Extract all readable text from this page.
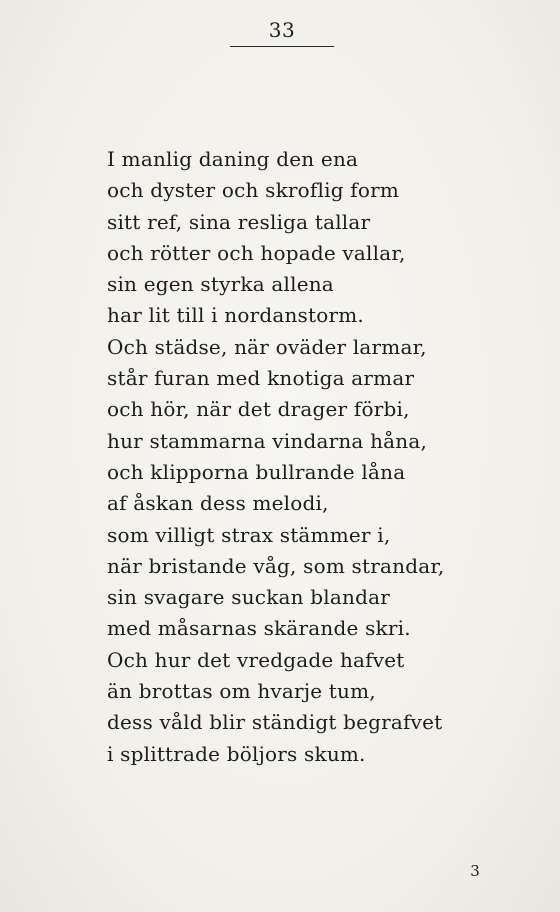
33
I manlig daning den ena
och dyster och skroflig form
sitt ref, sina resliga tallar
och rötter och hopade vallar,
sin egen styrka allena
har lit till i nordanstorm.
Och städse, när oväder larmar,
står furan med knotiga armar
och hör, när det drager förbi,
hur stammarna vindarna håna,
och klipporna bullrande låna
af åskan dess melodi,
som villigt strax stämmer i,
när bristande våg, som strandar,
sin svagare suckan blandar
med måsarnas skärande skri.
Och hur det vredgade hafvet
än brottas om hvarje tum,
dess våld blir ständigt begrafvet
i splittrade böljors skum.
3
